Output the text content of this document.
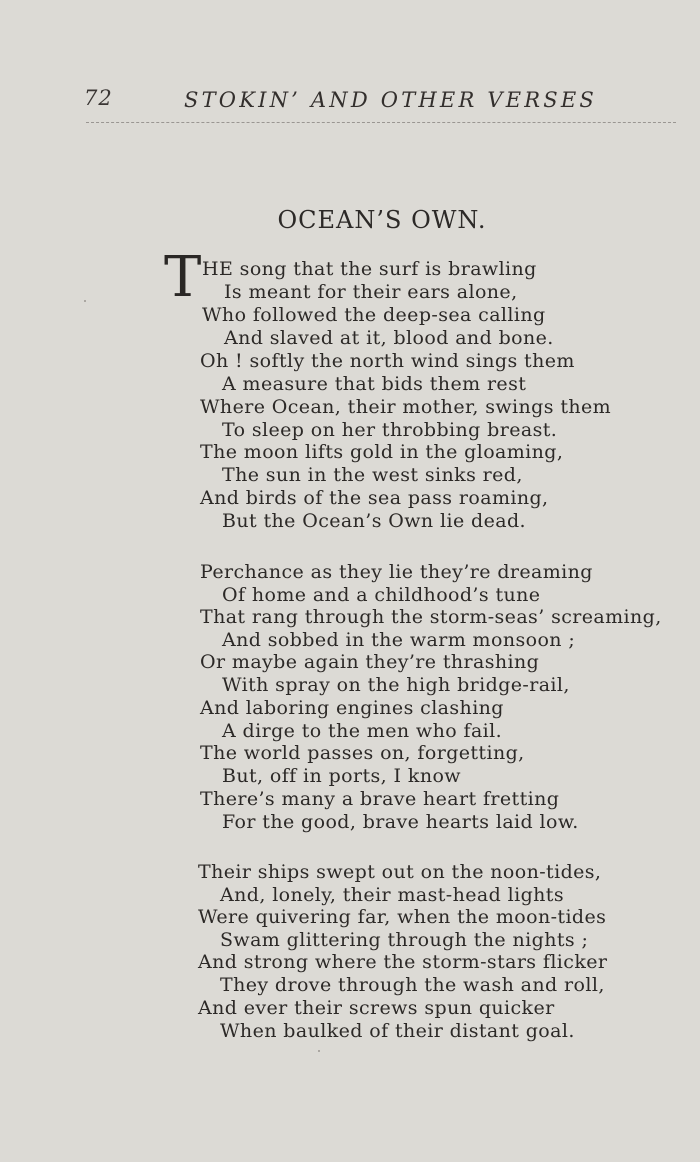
72	STOKIN’ AND OTHER VERSES
OCEAN’S OWN.
T HE song that the surf is brawling
Is meant for their ears alone,
Who followed the deep-sea calling
And slaved at it, blood and bone.
Oh ! softly the north wind sings them
A measure that bids them rest
Where Ocean, their mother, swings them
To sleep on her throbbing breast.
The moon lifts gold in the gloaming,
The sun in the west sinks red,
And birds of the sea pass roaming,
But the Ocean’s Own lie dead.
Perchance as they lie they’re dreaming
Of home and a childhood’s tune
That rang through the storm-seas’ screaming,
And sobbed in the warm monsoon ;
Or maybe again they’re thrashing
With spray on the high bridge-rail,
And laboring engines clashing
A dirge to the men who fail.
The world passes on, forgetting,
But, off in ports, I know
There’s many a brave heart fretting
For the good, brave hearts laid low.
Their ships swept out on the noon-tides,
And, lonely, their mast-head lights
Were quivering far, when the moon-tides
Swam glittering through the nights ;
And strong where the storm-stars flicker
They drove through the wash and roll,
And ever their screws spun quicker
When baulked of their distant goal.
